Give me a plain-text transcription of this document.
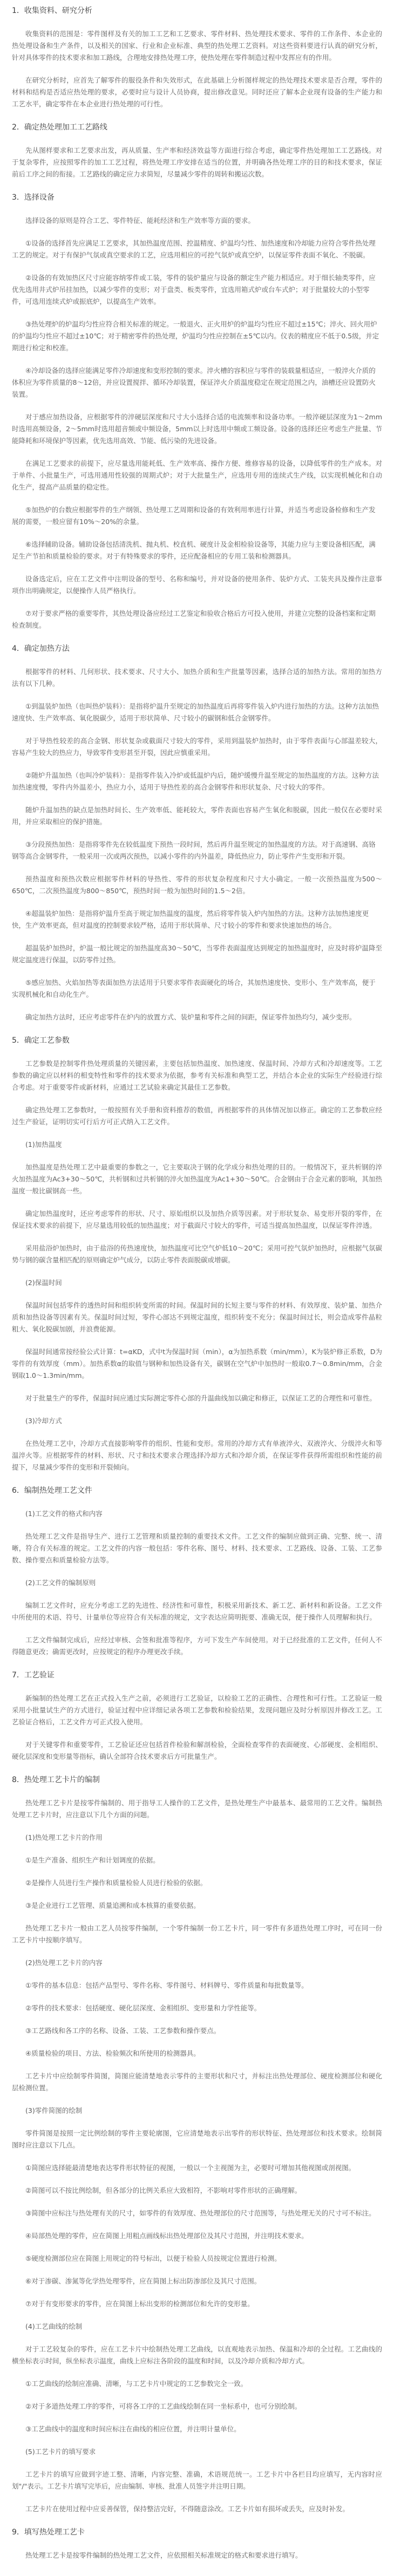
1．收集资料、研究分析
收集资料的范围是：零件图样及有关的加工工艺和工艺要求、零件材料、热处理技术要求、零件的工作条件、本企业的热处理设备和生产条件，以及相关的国家、行业和企业标准、典型的热处理工艺资料。对这些资料要进行认真的研究分析，针对具体零件的技术要求和加工路线，合理地安排热处理工序，使热处理在零件制造过程中发挥应有的作用。
在研究分析时，应首先了解零件的服役条件和失效形式，在此基础上分析图样规定的热处理技术要求是否合理，零件的材料和结构是否适应热处理的要求，必要时应与设计人员协商，提出修改意见。同时还应了解本企业现有设备的生产能力和工艺水平，确定零件在本企业进行热处理的可行性。
2．确定热处理加工工艺路线
先从图样要求和工艺要求出发，再从质量、生产率和经济效益等方面进行综合考虑，确定零件热处理加工工艺路线。对于复杂零件，应按照零件的加工工艺过程，将热处理工序安排在适当的位置，并明确各热处理工序的目的和技术要求，保证前后工序之间的衔接。工艺路线的确定应力求简短，尽量减少零件的周转和搬运次数。
3．选择设备
选择设备的原则是符合工艺、零件特征、能耗经济和生产效率等方面的要求。
①设备的选择首先应满足工艺要求，其加热温度范围、控温精度、炉温均匀性、加热速度和冷却能力应符合零件热处理工艺的规定。对于有保护气氛或真空要求的工艺，应选用相应的可控气氛炉或真空炉，以保证零件表面不氧化、不脱碳。
②设备的有效加热区尺寸应能容纳零件或工装，零件的装炉量应与设备的额定生产能力相适应。对于细长轴类零件，应优先选用井式炉吊挂加热，以减少零件的变形；对于盘类、板类零件，宜选用箱式炉或台车式炉；对于批量较大的小型零件，可选用连续式炉或振底炉，以提高生产效率。
③热处理炉的炉温均匀性应符合相关标准的规定。一般退火、正火用炉的炉温均匀性应不超过±15℃；淬火、回火用炉的炉温均匀性应不超过±10℃；对于精密零件的热处理，炉温均匀性应控制在±5℃以内。仪表的精度应不低于0.5级，并定期进行检定和校准。
④冷却设备的选择应能满足零件冷却速度和变形控制的要求。淬火槽的容积应与零件的装载量相适应，一般淬火介质的体积应为零件质量的8～12倍，并应设置搅拌、循环冷却装置，保证淬火介质温度稳定在规定范围之内，油槽还应设置防火装置。
对于感应加热设备，应根据零件的淬硬层深度和尺寸大小选择合适的电流频率和设备功率。一般淬硬层深度为1～2mm时选用高频设备，2～5mm时选用超音频或中频设备，5mm以上时选用中频或工频设备。设备的选择还应考虑生产批量、节能降耗和环境保护等因素，优先选用高效、节能、低污染的先进设备。
在满足工艺要求的前提下，应尽量选用能耗低、生产效率高、操作方便、维修容易的设备，以降低零件的生产成本。对于单件、小批量生产，可选用通用性较强的周期式炉；对于大批量生产，应选用专用的连续式生产线，以实现机械化和自动化生产，提高产品质量的稳定性。
⑤加热炉的台数应根据零件的生产纲领、热处理工艺周期和设备的有效利用率进行计算，并适当考虑设备检修和生产发展的需要，一般应留有10%～20%的余量。
⑥选择辅助设备。辅助设备包括清洗机、抛丸机、校直机、硬度计及金相检验设备等，其能力应与主要设备相匹配，满足生产节拍和质量检验的要求。对于有特殊要求的零件，还应配备相应的专用工装和检测器具。
设备选定后，应在工艺文件中注明设备的型号、名称和编号，并对设备的使用条件、装炉方式、工装夹具及操作注意事项作出明确规定，以便操作人员严格执行。
⑦对于要求严格的重要零件，其热处理设备应经过工艺鉴定和验收合格后方可投入使用，并建立完整的设备档案和定期检查制度。
4．确定加热方法
根据零件的材料、几何形状、技术要求、尺寸大小、加热介质和生产批量等因素，选择合适的加热方法。常用的加热方法有以下几种。
①到温装炉加热（也叫热炉装料）：是指将炉温升至规定的加热温度后再将零件装入炉内进行加热的方法。这种方法加热速度快、生产效率高、氧化脱碳少，适用于形状简单、尺寸较小的碳钢和低合金钢零件。
对于导热性较差的高合金钢、形状复杂或截面尺寸较大的零件，采用到温装炉加热时，由于零件表面与心部温差较大，容易产生较大的热应力，导致零件变形甚至开裂，因此应慎重采用。
②随炉升温加热（也叫冷炉装料）：是指零件装入冷炉或低温炉内后，随炉缓慢升温至规定的加热温度的方法。这种方法加热速度慢，零件内外温差小，热应力小，适用于导热性差的高合金钢零件和形状复杂、尺寸较大的零件。
随炉升温加热的缺点是加热时间长、生产效率低、能耗较大，零件表面也容易产生氧化和脱碳，因此一般仅在必要时采用，并应采取相应的保护措施。
③分段预热加热：是指将零件先在较低温度下预热一段时间，然后再升温至规定的加热温度的方法。对于高速钢、高铬钢等高合金钢零件，一般采用一次或两次预热，以减小零件的内外温差，降低热应力，防止零件产生变形和开裂。
预热温度和预热次数应根据零件材料的导热性、零件的形状复杂程度和尺寸大小确定。一般一次预热温度为500～650℃，二次预热温度为800～850℃，预热时间一般为加热时间的1.5～2倍。
④超温装炉加热：是指将炉温升至高于规定加热温度的温度，然后将零件装入炉内加热的方法。这种方法加热速度更快，生产效率更高，但对温度的控制要求较严格，适用于形状简单、尺寸较小的零件和要求快速加热的场合。
超温装炉加热时，炉温一般比规定的加热温度高30～50℃，当零件表面温度达到规定的加热温度时，应及时将炉温降至规定温度进行保温，以防零件过热。
⑤感应加热、火焰加热等表面加热方法适用于只要求零件表面硬化的场合，其加热速度快、变形小、生产效率高，便于实现机械化和自动化生产。
确定加热方法时，还应考虑零件在炉内的放置方式、装炉量和零件之间的间距，保证零件加热均匀，减少变形。
5．确定工艺参数
工艺参数是控制零件热处理质量的关键因素，主要包括加热温度、加热速度、保温时间、冷却方式和冷却速度等。工艺参数的确定应以材料的相变特性和零件的技术要求为依据，参考有关标准和典型工艺，并结合本企业的实际生产经验进行综合考虑。对于重要零件或新材料，应通过工艺试验来确定其最佳工艺参数。
确定热处理工艺参数时，一般按照有关手册和资料推荐的数值，再根据零件的具体情况加以修正。确定的工艺参数应经过生产验证，证明切实可行后方可正式纳入工艺文件。
(1)加热温度
加热温度是热处理工艺中最重要的参数之一，它主要取决于钢的化学成分和热处理的目的。一般情况下，亚共析钢的淬火加热温度为Ac3+30～50℃，共析钢和过共析钢的淬火加热温度为Ac1+30～50℃。合金钢由于合金元素的影响，其加热温度一般比碳钢高一些。
确定加热温度时，还应考虑零件的形状、尺寸、原始组织以及加热介质等因素。对于形状复杂、易变形开裂的零件，在保证技术要求的前提下，应尽量选用较低的加热温度；对于截面尺寸较大的零件，可适当提高加热温度，以保证零件淬透。
采用盐浴炉加热时，由于盐浴的传热速度快，加热温度可比空气炉低10～20℃；采用可控气氛炉加热时，应根据气氛碳势与钢的碳含量相匹配的原则确定炉气成分，以防止零件表面脱碳或增碳。
(2)保温时间
保温时间包括零件的透热时间和组织转变所需的时间。保温时间的长短主要与零件的材料、有效厚度、装炉量、加热介质和加热设备等因素有关。保温时间过短，零件心部达不到规定温度，组织转变不充分；保温时间过长，则会造成零件晶粒粗大、氧化脱碳加剧，并浪费能源。
保温时间通常按经验公式计算：t=αKD，式中t为保温时间（min），α为加热系数（min/mm），K为装炉修正系数，D为零件的有效厚度（mm）。加热系数α的取值与钢种和加热设备有关，碳钢在空气炉中加热时一般取0.7～0.8min/mm，合金钢取1.0～1.3min/mm。
对于批量生产的零件，保温时间应通过实际测定零件心部的升温曲线加以确定和修正，以保证工艺的合理性和可靠性。
(3)冷却方式
在热处理工艺中，冷却方式直接影响零件的组织、性能和变形。常用的冷却方式有单液淬火、双液淬火、分级淬火和等温淬火等。应根据零件的材料、形状、尺寸和技术要求合理选择冷却方式和冷却介质，在保证零件获得所需组织和性能的前提下，尽量减少零件的变形和开裂倾向。
6．编制热处理工艺文件
(1)工艺文件的格式和内容
热处理工艺文件是指导生产、进行工艺管理和质量控制的重要技术文件。工艺文件的编制应做到正确、完整、统一、清晰，符合有关标准的规定。工艺文件的内容一般包括：零件名称、图号、材料、技术要求、工艺路线、设备、工装、工艺参数、操作要点和质量检验方法等。
(2)工艺文件的编制原则
编制工艺文件时，应充分考虑工艺的先进性、经济性和可靠性，积极采用新技术、新工艺、新材料和新设备。工艺文件中所使用的术语、符号、计量单位等应符合有关标准的规定，文字表达应简明扼要、准确无误，便于操作人员理解和执行。
工艺文件编制完成后，应经过审核、会签和批准等程序，方可下发生产车间使用。对于已经批准的工艺文件，任何人不得随意更改；确需更改时，应按规定的程序办理更改手续。
7．工艺验证
新编制的热处理工艺在正式投入生产之前，必须进行工艺验证，以检验工艺的正确性、合理性和可行性。工艺验证一般采用小批量试生产的方式进行，验证过程中应详细记录各项工艺参数和检验结果，发现问题应及时分析原因并修改工艺。工艺验证合格后，工艺文件方可正式投入使用。
对于关键零件和重要零件，工艺验证还应包括首件检验和解剖检验，全面检查零件的表面硬度、心部硬度、金相组织、硬化层深度和变形量等指标，确认全部符合技术要求后方可批量生产。
8．热处理工艺卡片的编制
热处理工艺卡片是按零件编制的、用于指导工人操作的工艺文件，是热处理生产中最基本、最常用的工艺文件。编制热处理工艺卡片时，应注意以下几个方面的问题。
(1)热处理工艺卡片的作用
①是生产准备、组织生产和计划调度的依据。
②是操作人员进行生产操作和质量检验人员进行检验的依据。
③是企业进行工艺管理、质量追溯和成本核算的重要依据。
热处理工艺卡片一般由工艺人员按零件编制，一个零件编制一份工艺卡片，同一零件有多道热处理工序时，可在同一份工艺卡片中按顺序填写。
(2)热处理工艺卡片的内容
①零件的基本信息：包括产品型号、零件名称、零件图号、材料牌号、零件质量和每批数量等。
②零件的技术要求：包括硬度、硬化层深度、金相组织、变形量和力学性能等。
③工艺路线和各工序的名称、设备、工装、工艺参数和操作要点。
④质量检验的项目、方法、检验频次和所使用的检测器具。
工艺卡片中应绘制零件简图，简图应能清楚地表示零件的主要形状和尺寸，并标注出热处理部位、硬度检测部位和硬化层检测位置。
(3)零件简图的绘制
零件简图是按照一定比例绘制的零件主要轮廓图，它应清楚地表示出零件的形状特征、热处理部位和技术要求。绘制简图时应注意以下几点。
①简图应选择能最清楚地表达零件形状特征的视图，一般以一个主视图为主，必要时可增加其他视图或剖视图。
②简图可以不按比例绘制，但各部分的比例关系应大致相符，不影响对零件形状的正确理解。
③简图中应标注与热处理有关的尺寸，如零件的有效厚度、热处理部位的尺寸范围等，与热处理无关的尺寸可不标注。
④局部热处理的零件，应在简图上用粗点画线标出热处理部位及其尺寸范围，并注明技术要求。
⑤硬度检测部位应在简图上用规定的符号标出，以便于检验人员按规定位置进行检测。
⑥对于渗碳、渗氮等化学热处理零件，应在简图上标出防渗部位及其尺寸范围。
⑦对于有变形要求的零件，应在简图上标出变形的检测部位和允许的变形量。
(4)工艺曲线的绘制
对于工艺较复杂的零件，应在工艺卡片中绘制热处理工艺曲线，以直观地表示加热、保温和冷却的全过程。工艺曲线的横坐标表示时间，纵坐标表示温度，曲线上应标注各阶段的温度和时间，以及冷却介质和冷却方式。
①工艺曲线的绘制应准确、清晰，与工艺卡片中规定的工艺参数完全一致。
②对于多道热处理工序的零件，可将各工序的工艺曲线绘制在同一坐标系中，也可分别绘制。
③工艺曲线中的温度和时间应标注在曲线的相应位置，并注明计量单位。
(5)工艺卡片的填写要求
工艺卡片的填写应做到字迹工整、清晰，内容完整、准确，术语规范统一。工艺卡片中各栏目均应填写，无内容时应划"/"表示。工艺卡片填写完毕后，应由编制、审核、批准人员签字并注明日期。
工艺卡片在使用过程中应妥善保管，保持整洁完好，不得随意涂改。工艺卡片如有损坏或丢失，应及时补发。
9．填写热处理工艺卡
热处理工艺卡是按零件编制的热处理工艺文件，应依照相关标准规定的格式和要求进行填写。
